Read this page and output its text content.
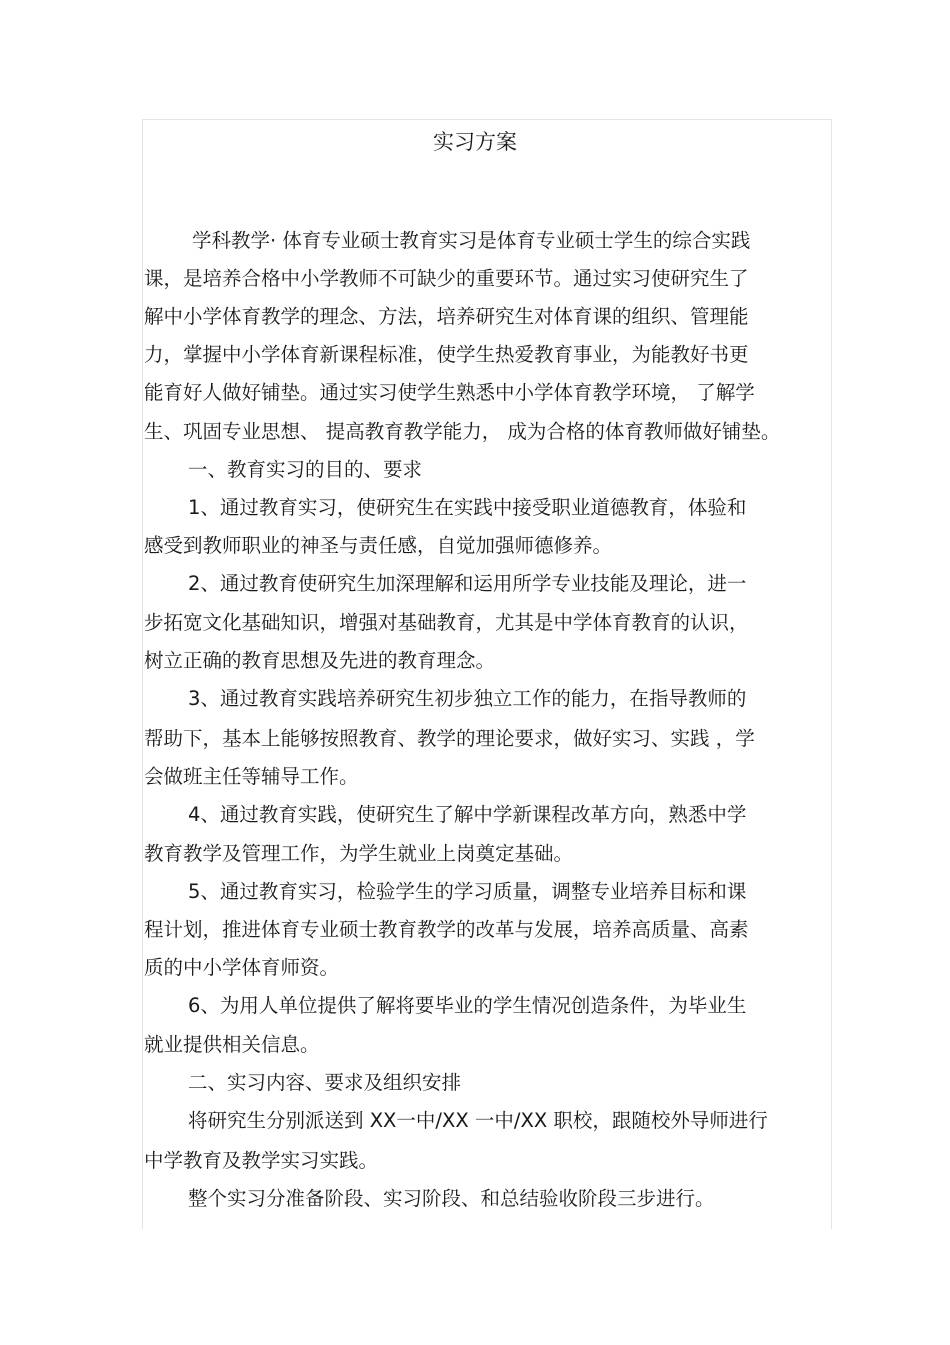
实习方案
学科教学· 体育专业硕士教育实习是体育专业硕士学生的综合实践
课，是培养合格中小学教师不可缺少的重要环节。通过实习使研究生了
解中小学体育教学的理念、方法，培养研究生对体育课的组织、管理能
力，掌握中小学体育新课程标准，使学生热爱教育事业，为能教好书更
能育好人做好铺垫。通过实习使学生熟悉中小学体育教学环境， 了解学
生、巩固专业思想、 提高教育教学能力， 成为合格的体育教师做好铺垫。
一、教育实习的目的、要求
1、通过教育实习，使研究生在实践中接受职业道德教育，体验和
感受到教师职业的神圣与责任感，自觉加强师德修养。
2、通过教育使研究生加深理解和运用所学专业技能及理论，进一
步拓宽文化基础知识，增强对基础教育，尤其是中学体育教育的认识，
树立正确的教育思想及先进的教育理念。
3、通过教育实践培养研究生初步独立工作的能力，在指导教师的
帮助下，基本上能够按照教育、教学的理论要求，做好实习、实践 ，学
会做班主任等辅导工作。
4、通过教育实践，使研究生了解中学新课程改革方向，熟悉中学
教育教学及管理工作，为学生就业上岗奠定基础。
5、通过教育实习，检验学生的学习质量，调整专业培养目标和课
程计划，推进体育专业硕士教育教学的改革与发展，培养高质量、高素
质的中小学体育师资。
6、为用人单位提供了解将要毕业的学生情况创造条件，为毕业生
就业提供相关信息。
二、实习内容、要求及组织安排
将研究生分别派送到 XX一中/XX 一中/XX 职校，跟随校外导师进行
中学教育及教学实习实践。
整个实习分准备阶段、实习阶段、和总结验收阶段三步进行。
